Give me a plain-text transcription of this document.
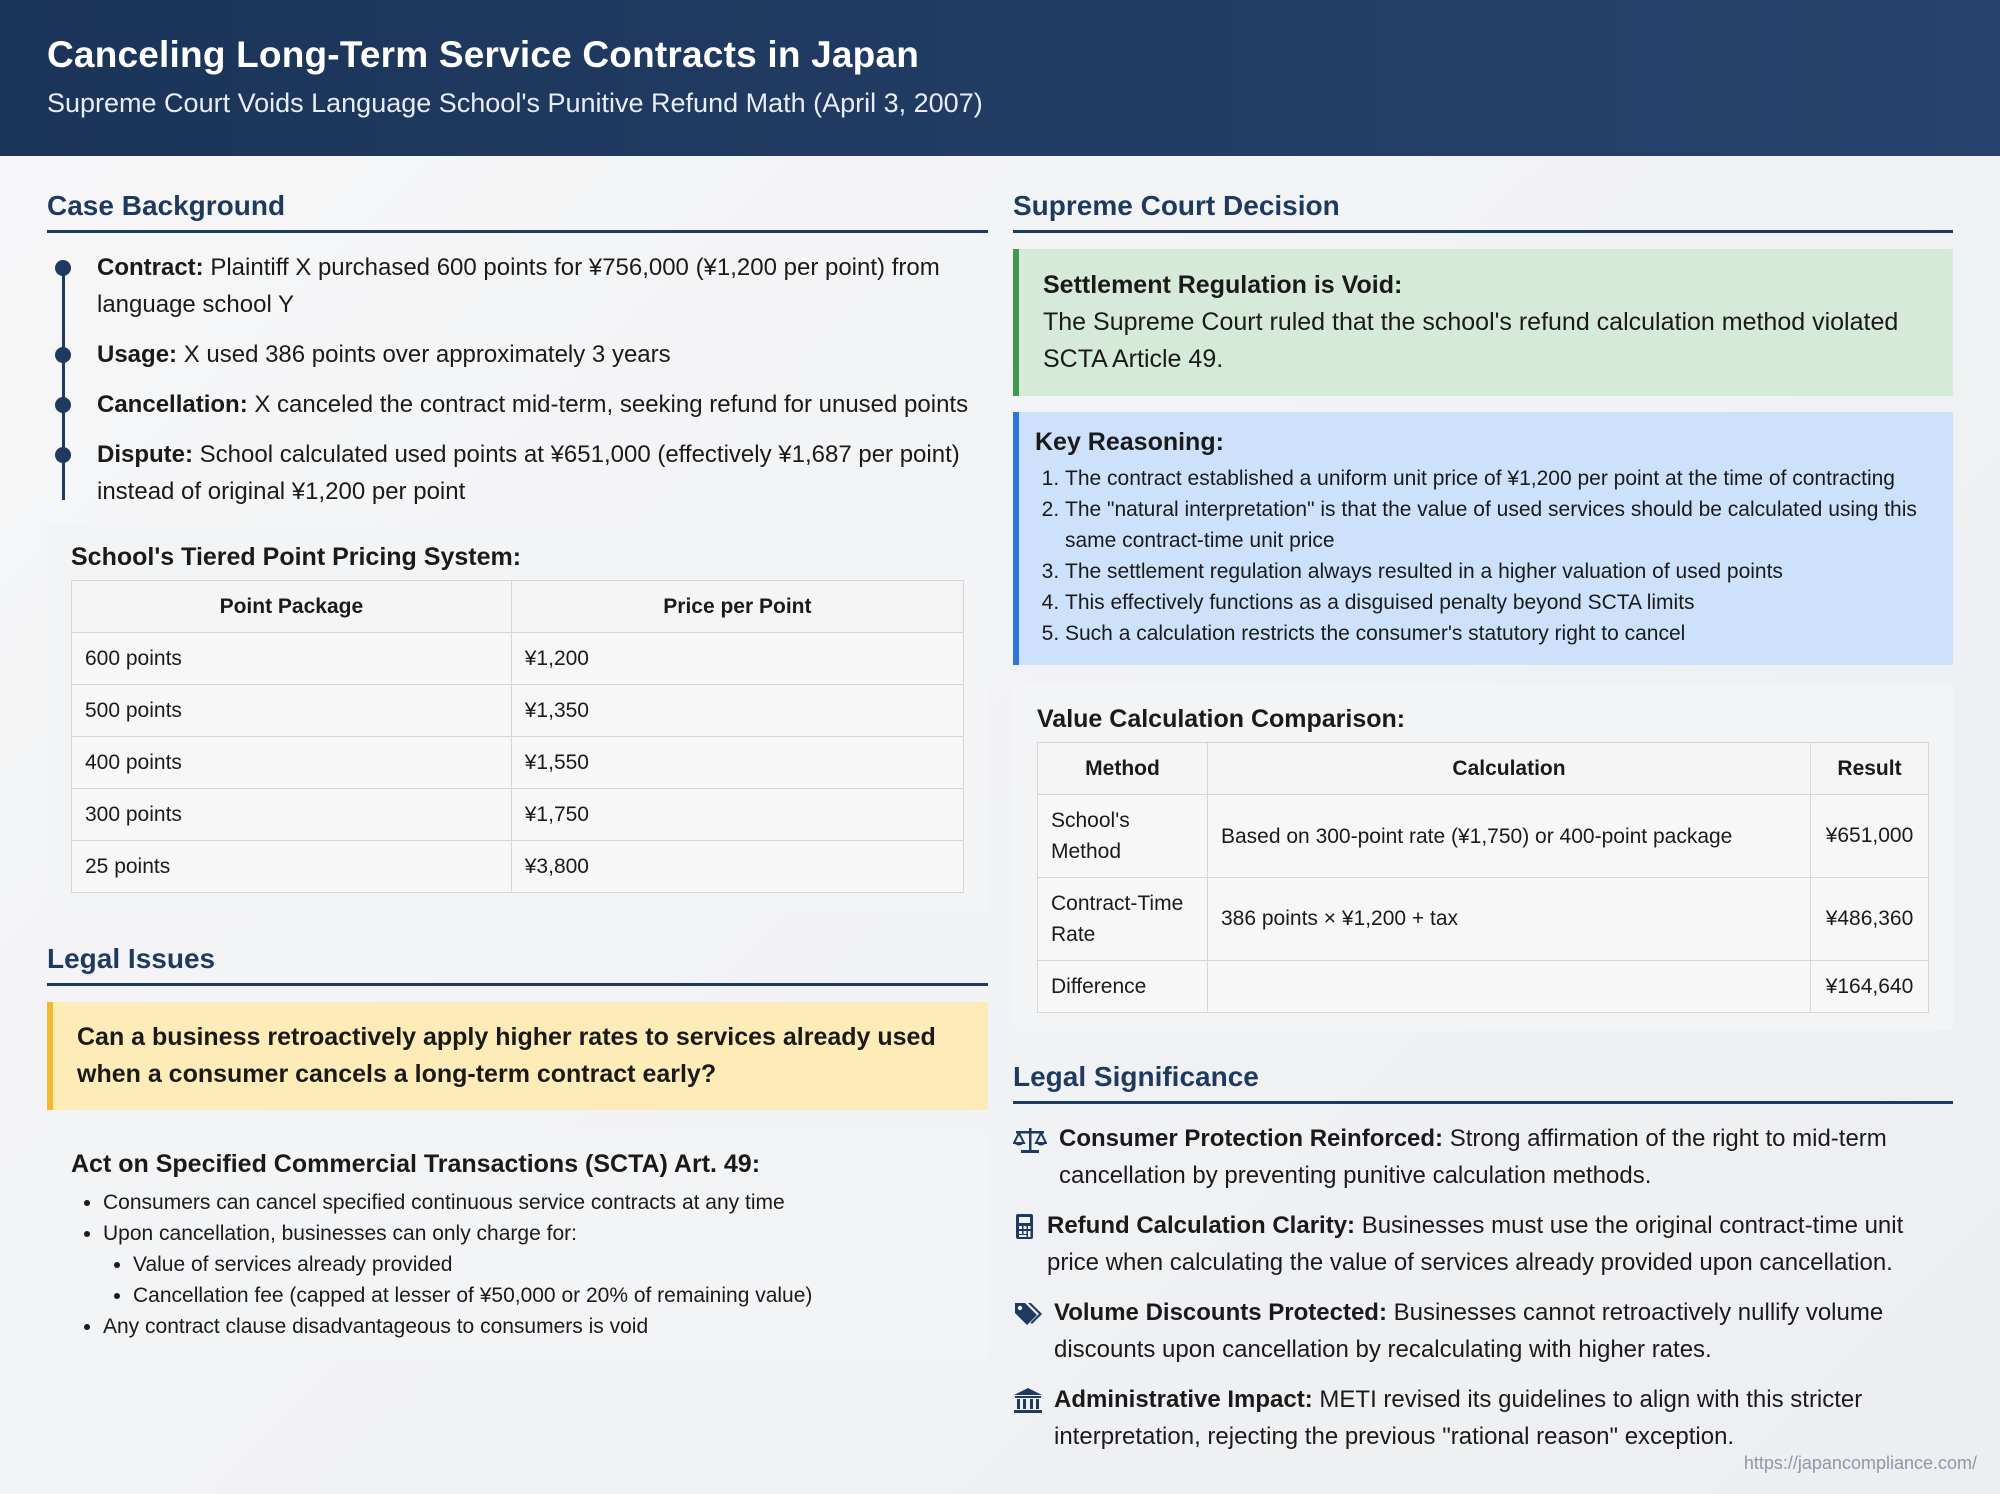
Canceling Long-Term Service Contracts in Japan
Supreme Court Voids Language School's Punitive Refund Math (April 3, 2007)
Case Background
Contract: Plaintiff X purchased 600 points for ¥756,000 (¥1,200 per point) from language school Y
Usage: X used 386 points over approximately 3 years
Cancellation: X canceled the contract mid-term, seeking refund for unused points
Dispute: School calculated used points at ¥651,000 (effectively ¥1,687 per point) instead of original ¥1,200 per point
School's Tiered Point Pricing System:
Point Package	Price per Point
600 points	¥1,200
500 points	¥1,350
400 points	¥1,550
300 points	¥1,750
25 points	¥3,800
Legal Issues
Can a business retroactively apply higher rates to services already used when a consumer cancels a long-term contract early?
Act on Specified Commercial Transactions (SCTA) Art. 49:
• Consumers can cancel specified continuous service contracts at any time
• Upon cancellation, businesses can only charge for:
• Value of services already provided
• Cancellation fee (capped at lesser of ¥50,000 or 20% of remaining value)
• Any contract clause disadvantageous to consumers is void
Supreme Court Decision
Settlement Regulation is Void:
The Supreme Court ruled that the school's refund calculation method violated SCTA Article 49.
Key Reasoning:
1. The contract established a uniform unit price of ¥1,200 per point at the time of contracting
2. The "natural interpretation" is that the value of used services should be calculated using this same contract-time unit price
3. The settlement regulation always resulted in a higher valuation of used points
4. This effectively functions as a disguised penalty beyond SCTA limits
5. Such a calculation restricts the consumer's statutory right to cancel
Value Calculation Comparison:
Method	Calculation	Result
School's Method	Based on 300-point rate (¥1,750) or 400-point package	¥651,000
Contract-Time Rate	386 points × ¥1,200 + tax	¥486,360
Difference		¥164,640
Legal Significance
Consumer Protection Reinforced: Strong affirmation of the right to mid-term cancellation by preventing punitive calculation methods.
Refund Calculation Clarity: Businesses must use the original contract-time unit price when calculating the value of services already provided upon cancellation.
Volume Discounts Protected: Businesses cannot retroactively nullify volume discounts upon cancellation by recalculating with higher rates.
Administrative Impact: METI revised its guidelines to align with this stricter interpretation, rejecting the previous "rational reason" exception.
https://japancompliance.com/
